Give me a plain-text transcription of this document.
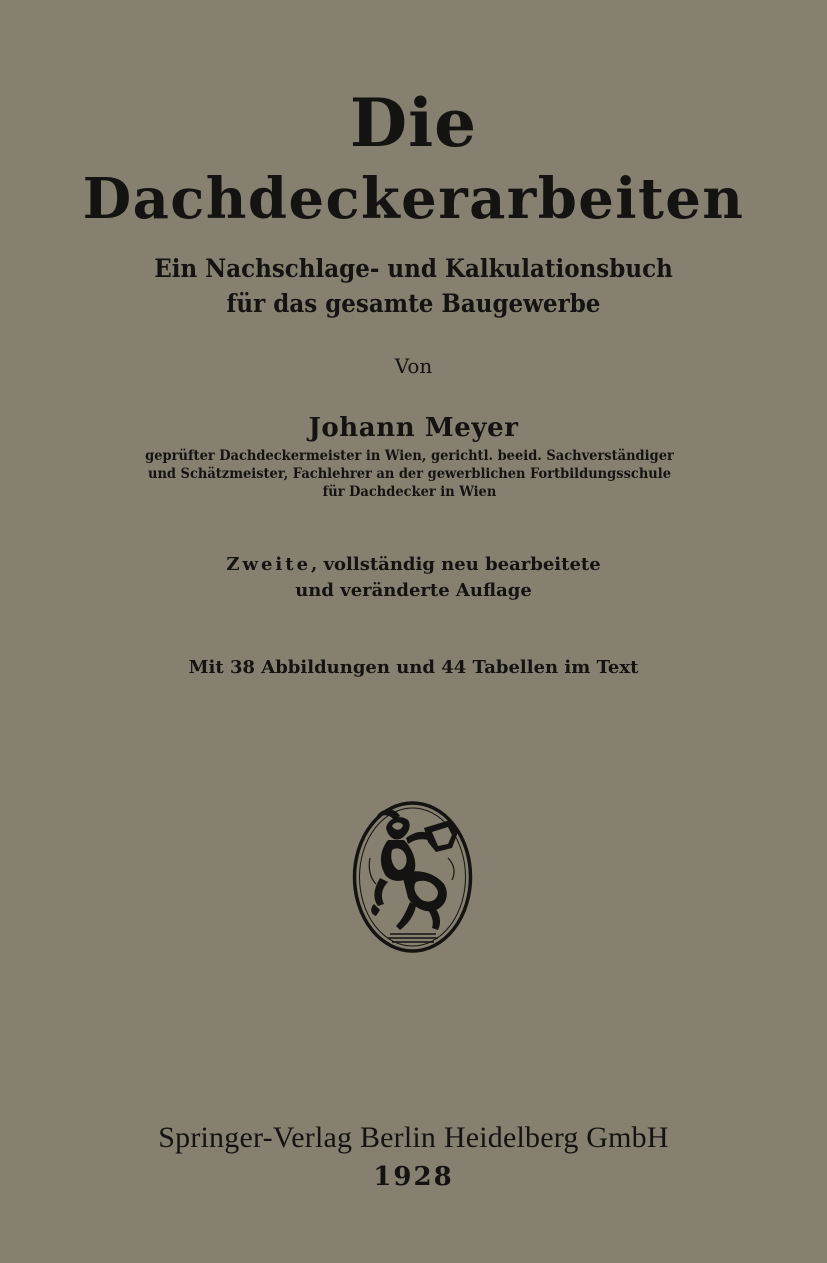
Die
Dachdeckerarbeiten
Ein Nachschlage- und Kalkulationsbuch
für das gesamte Baugewerbe
Von
Johann Meyer
geprüfter Dachdeckermeister in Wien, gerichtl. beeid. Sachverständiger
und Schätzmeister, Fachlehrer an der gewerblichen Fortbildungsschule
für Dachdecker in Wien
Zweite, vollständig neu bearbeitete
und veränderte Auflage
Mit 38 Abbildungen und 44 Tabellen im Text
Springer-Verlag Berlin Heidelberg GmbH
1928
